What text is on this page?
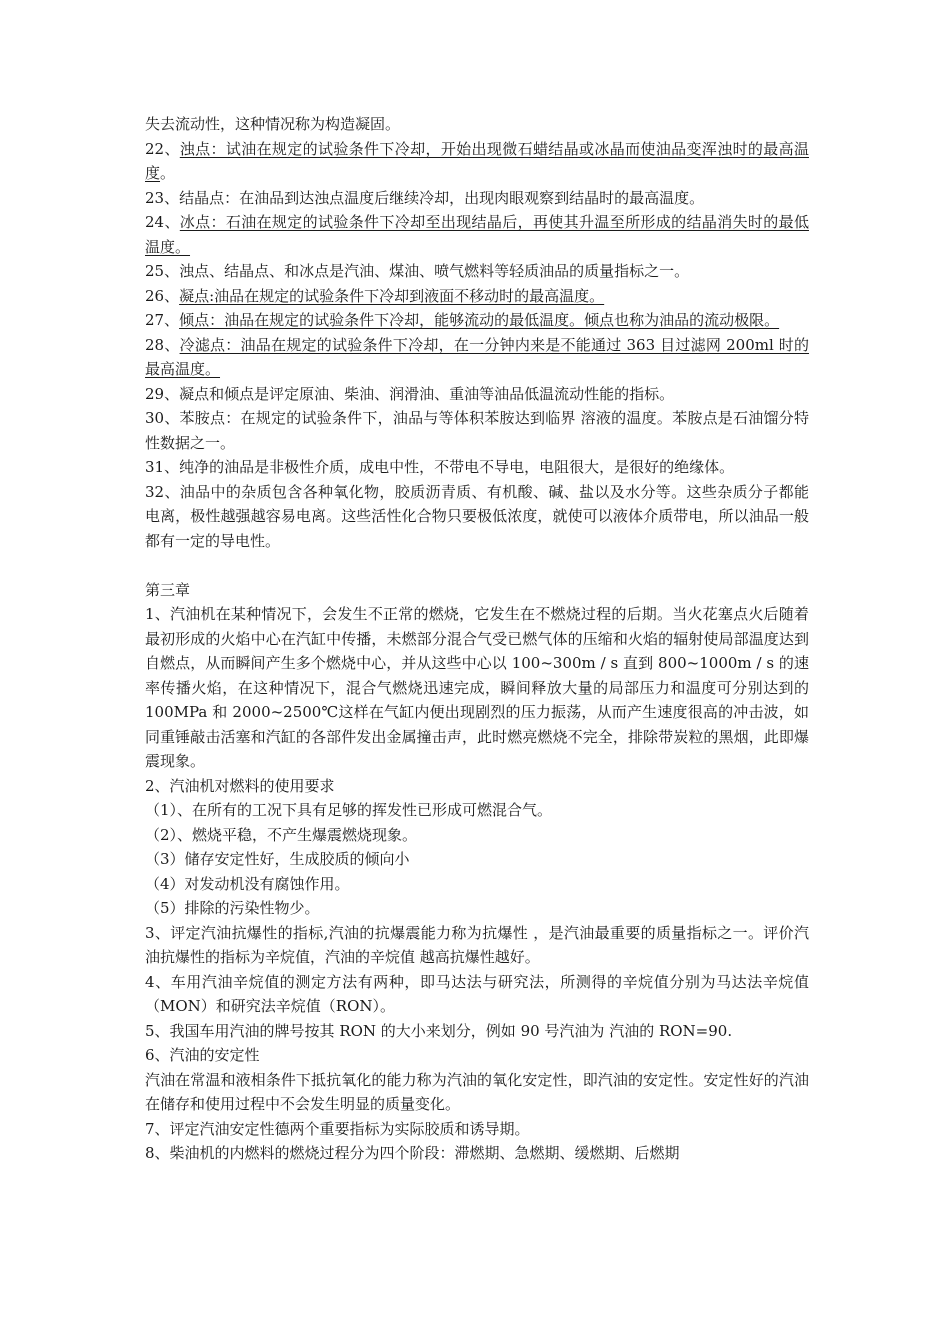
失去流动性，这种情况称为构造凝固。

22、浊点：试油在规定的试验条件下冷却，开始出现微石蜡结晶或冰晶而使油品变浑浊时的最高温度。

23、结晶点：在油品到达浊点温度后继续冷却，出现肉眼观察到结晶时的最高温度。

24、冰点：石油在规定的试验条件下冷却至出现结晶后，再使其升温至所形成的结晶消失时的最低温度。

25、浊点、结晶点、和冰点是汽油、煤油、喷气燃料等轻质油品的质量指标之一。

26、凝点:油品在规定的试验条件下冷却到液面不移动时的最高温度。

27、倾点：油品在规定的试验条件下冷却，能够流动的最低温度。倾点也称为油品的流动极限。

28、冷滤点：油品在规定的试验条件下冷却，在一分钟内来是不能通过 363 目过滤网 200ml 时的最高温度。

29、凝点和倾点是评定原油、柴油、润滑油、重油等油品低温流动性能的指标。

30、苯胺点：在规定的试验条件下，油品与等体积苯胺达到临界 溶液的温度。苯胺点是石油馏分特性数据之一。

31、纯净的油品是非极性介质，成电中性，不带电不导电，电阻很大，是很好的绝缘体。

32、油品中的杂质包含各种氧化物，胶质沥青质、有机酸、碱、盐以及水分等。这些杂质分子都能电离，极性越强越容易电离。这些活性化合物只要极低浓度，就使可以液体介质带电，所以油品一般都有一定的导电性。

第三章

1、汽油机在某种情况下，会发生不正常的燃烧，它发生在不燃烧过程的后期。当火花塞点火后随着最初形成的火焰中心在汽缸中传播，未燃部分混合气受已燃气体的压缩和火焰的辐射使局部温度达到自燃点，从而瞬间产生多个燃烧中心，并从这些中心以 100~300m / s 直到 800~1000m / s 的速率传播火焰，在这种情况下，混合气燃烧迅速完成，瞬间释放大量的局部压力和温度可分别达到的 100MPa 和 2000~2500℃这样在气缸内便出现剧烈的压力振荡，从而产生速度很高的冲击波，如同重锤敲击活塞和汽缸的各部件发出金属撞击声，此时燃亮燃烧不完全，排除带炭粒的黑烟，此即爆震现象。

2、汽油机对燃料的使用要求

（1）、在所有的工况下具有足够的挥发性已形成可燃混合气。

（2）、燃烧平稳，不产生爆震燃烧现象。

（3）储存安定性好，生成胶质的倾向小

（4）对发动机没有腐蚀作用。

（5）排除的污染性物少。

3、评定汽油抗爆性的指标,汽油的抗爆震能力称为抗爆性 ，是汽油最重要的质量指标之一。评价汽油抗爆性的指标为辛烷值，汽油的辛烷值 越高抗爆性越好。

4、车用汽油辛烷值的测定方法有两种，即马达法与研究法，所测得的辛烷值分别为马达法辛烷值（MON）和研究法辛烷值（RON）。

5、我国车用汽油的牌号按其 RON 的大小来划分，例如 90 号汽油为 汽油的 RON=90.

6、汽油的安定性

汽油在常温和液相条件下抵抗氧化的能力称为汽油的氧化安定性，即汽油的安定性。安定性好的汽油在储存和使用过程中不会发生明显的质量变化。

7、评定汽油安定性德两个重要指标为实际胶质和诱导期。

8、柴油机的内燃料的燃烧过程分为四个阶段：滞燃期、急燃期、缓燃期、后燃期
